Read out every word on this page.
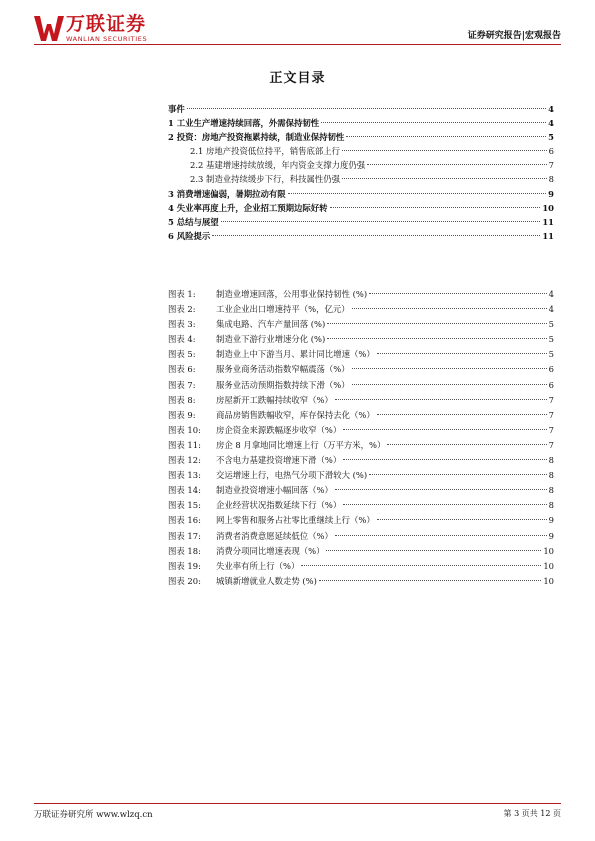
万联证券
WANLIAN SECURITIES	证券研究报告|宏观报告
正文目录
事件	4
1 工业生产增速持续回落，外需保持韧性	4
2 投资：房地产投资拖累持续，制造业保持韧性	5
2.1 房地产投资低位持平，销售底部上行	6
2.2 基建增速持续放缓，年内资金支撑力度仍强	7
2.3 制造业持续缓步下行，科技属性仍强	8
3 消费增速偏弱，暑期拉动有限	9
4 失业率再度上升，企业招工预期边际好转	10
5 总结与展望	11
6 风险提示	11
图表 1:	制造业增速回落，公用事业保持韧性 (%)	4
图表 2:	工业企业出口增速持平（%，亿元）	4
图表 3:	集成电路、汽车产量回落 (%)	5
图表 4:	制造业下游行业增速分化 (%)	5
图表 5:	制造业上中下游当月、累计同比增速（%）	5
图表 6:	服务业商务活动指数窄幅震荡（%）	6
图表 7:	服务业活动预期指数持续下滑（%）	6
图表 8:	房屋新开工跌幅持续收窄（%）	7
图表 9:	商品房销售跌幅收窄，库存保持去化（%）	7
图表 10:	房企资金来源跌幅逐步收窄（%）	7
图表 11:	房企 8 月拿地同比增速上行（万平方米，%）	7
图表 12:	不含电力基建投资增速下滑（%）	8
图表 13:	交运增速上行，电热气分项下滑较大 (%)	8
图表 14:	制造业投资增速小幅回落（%）	8
图表 15:	企业经营状况指数延续下行（%）	8
图表 16:	网上零售和服务占社零比重继续上行（%）	9
图表 17:	消费者消费意愿延续低位（%）	9
图表 18:	消费分项同比增速表现（%）	10
图表 19:	失业率有所上行（%）	10
图表 20:	城镇新增就业人数走势 (%)	10
万联证券研究所 www.wlzq.cn	第 3 页共 12 页
